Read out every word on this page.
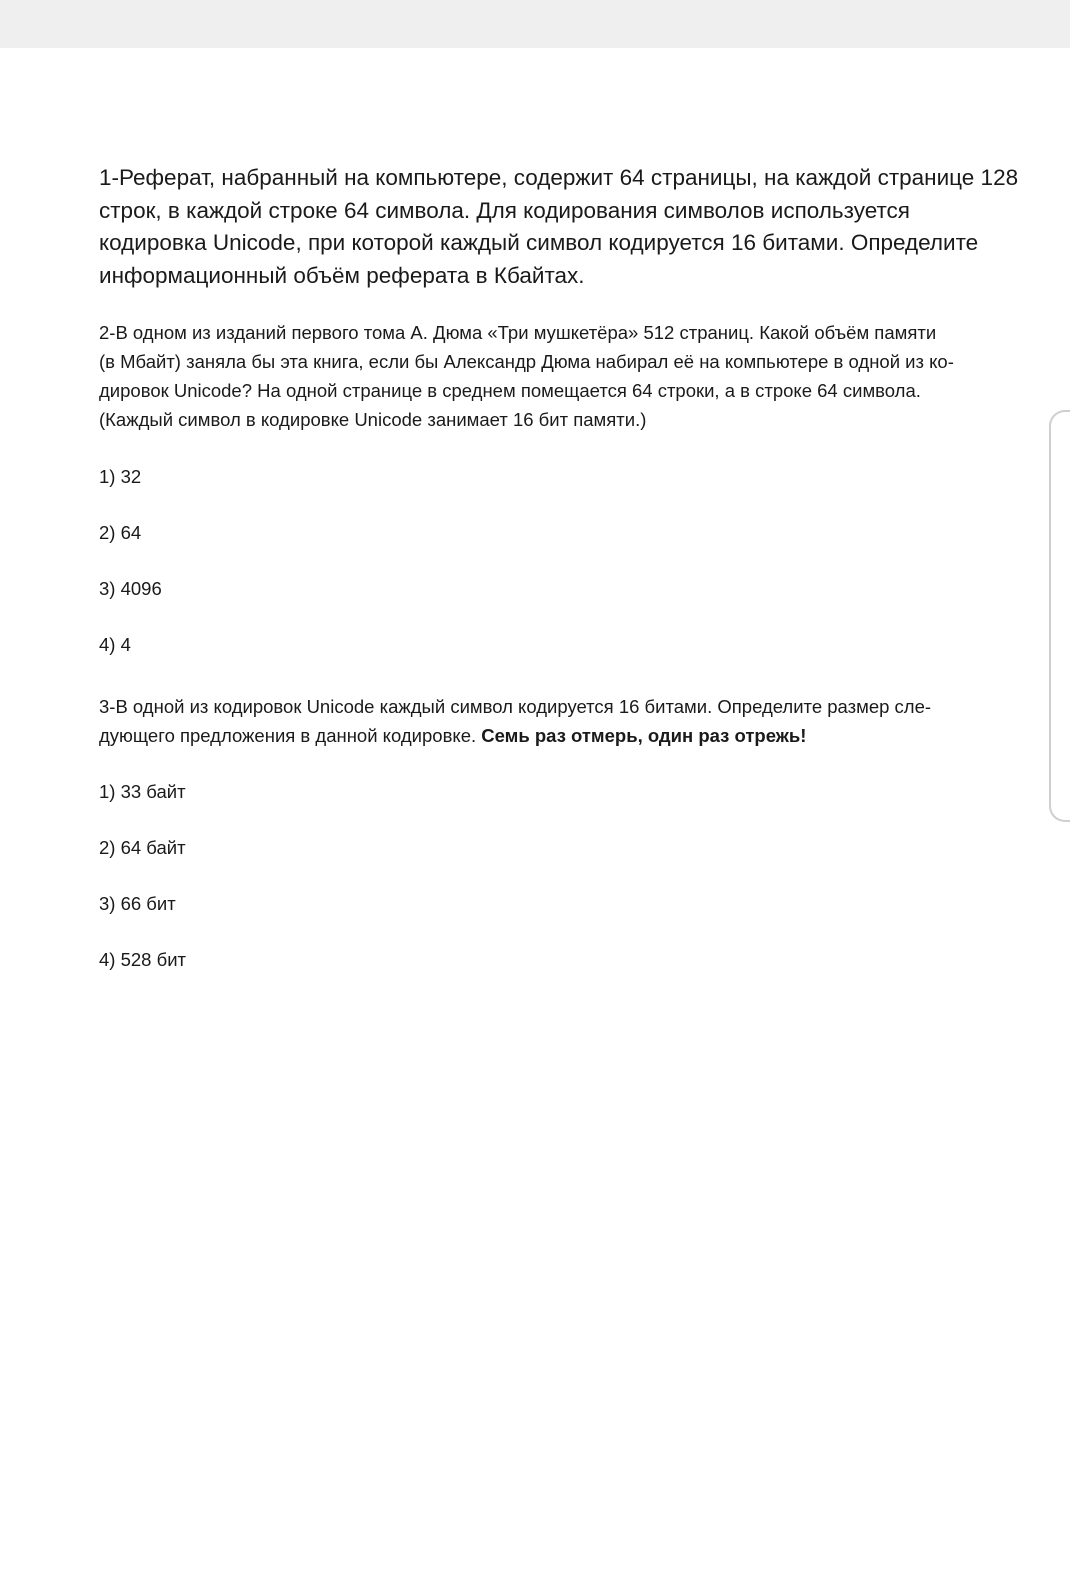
1-Реферат, набранный на компьютере, содержит 64 страницы, на каждой странице 128
строк, в каждой строке 64 символа. Для кодирования символов используется
кодировка Unicode, при которой каждый символ кодируется 16 битами. Определите
информационный объём реферата в Кбайтах.

2-В одном из изданий первого тома А. Дюма «Три мушкетёра» 512 страниц. Какой объём памяти
(в Мбайт) заняла бы эта книга, если бы Александр Дюма набирал её на компьютере в одной из ко-
дировок Unicode? На одной странице в среднем помещается 64 строки, а в строке 64 символа.
(Каждый символ в кодировке Unicode занимает 16 бит памяти.)

1) 32

2) 64

3) 4096

4) 4

3-В одной из кодировок Unicode каждый символ кодируется 16 битами. Определите размер сле-
дующего предложения в данной кодировке. Семь раз отмерь, один раз отрежь!

1) 33 байт

2) 64 байт

3) 66 бит

4) 528 бит
